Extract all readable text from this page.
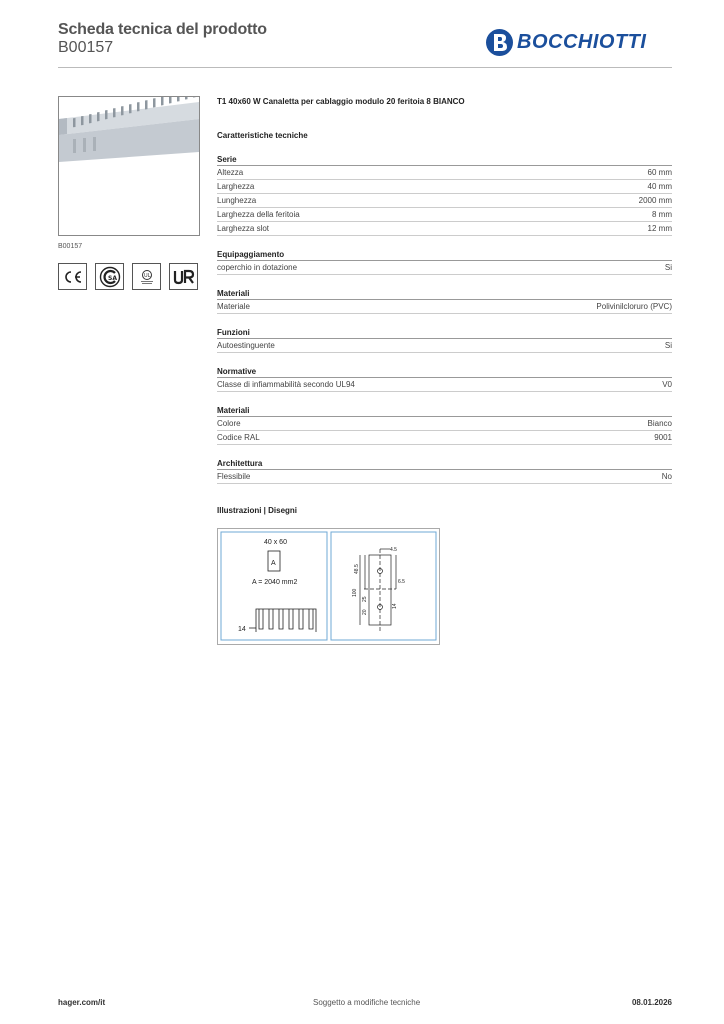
Scheda tecnica del prodotto
B00157	BOCCHIOTTI
B00157
SA	UL
T1 40x60 W Canaletta per cablaggio modulo 20 feritoia 8 BIANCO
Caratteristiche tecniche
Serie
Altezza	60 mm
Larghezza	40 mm
Lunghezza	2000 mm
Larghezza della feritoia	8 mm
Larghezza slot	12 mm
Equipaggiamento
coperchio in dotazione	Si
Materiali
Materiale	Polivinilcloruro (PVC)
Funzioni
Autoestinguente	Si
Normative
Classe di infiammabilità secondo UL94	V0
Materiali
Colore	Bianco
Codice RAL	9001
Architettura
Flessibile	No
Illustrazioni | Disegni
40 x 60
A
A = 2040 mm2
14
4.5
48.5
6.5
100
25
20
14
hager.com/it	Soggetto a modifiche tecniche	08.01.2026
